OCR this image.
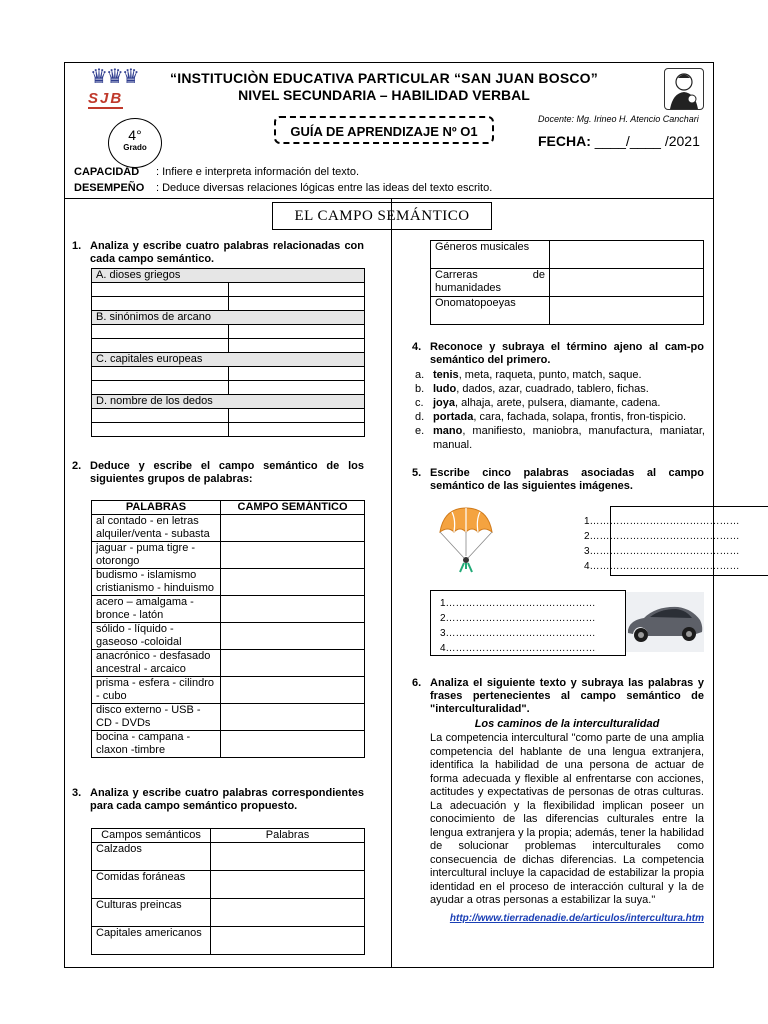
♛♛♛
SJB
“INSTITUCIÒN EDUCATIVA PARTICULAR “SAN JUAN BOSCO”
NIVEL SECUNDARIA – HABILIDAD VERBAL
Docente: Mg. Irineo H. Atencio Canchari
4°
Grado
GUÍA DE APRENDIZAJE Nº O1
FECHA: ____/____ /2021
CAPACIDAD : Infiere e interpreta información del texto.
DESEMPEÑO : Deduce diversas relaciones lógicas entre las ideas del texto escrito.
EL CAMPO SEMÁNTICO
1. Analiza y escribe cuatro palabras relacionadas con cada campo semántico.
A. dioses griegos	

B. sinónimos de arcano	

C. capitales europeas	

D. nombre de los dedos	

2. Deduce y escribe el campo semántico de los siguientes grupos de palabras:
PALABRAS	CAMPO SEMÁNTICO

al contado - en letras
alquiler/venta - subasta	

jaguar - puma tigre -
otorongo	

budismo - islamismo
cristianismo - hinduismo	

acero – amalgama -
bronce - latón	

sólido - líquido -
gaseoso -coloidal	

anacrónico - desfasado
ancestral - arcaico	

prisma - esfera - cilindro
- cubo	

disco externo - USB -
CD - DVDs	

bocina - campana -
claxon -timbre	

3. Analiza y escribe cuatro palabras correspondientes para cada campo semántico propuesto.
Campos semánticos	Palabras
Calzados	
Comidas foráneas	
Culturas preincas	
Capitales americanos	
Géneros musicales	

Carreras de
humanidades	

Onomatopoeyas	
4. Reconoce y subraya el término ajeno al cam-po semántico del primero.
a. tenis, meta, raqueta, punto, match, saque.
b. ludo, dados, azar, cuadrado, tablero, fichas.
c. joya, alhaja, arete, pulsera, diamante, cadena.
d. portada, cara, fachada, solapa, frontis, fron-tispicio.
e. mano, manifiesto, maniobra, manufactura, maniatar, manual.
5. Escribe cinco palabras asociadas al campo semántico de las siguientes imágenes.
1………………………………………
2………………………………………
3………………………………………
4………………………………………
1………………………………………
2………………………………………
3………………………………………
4………………………………………
6. Analiza el siguiente texto y subraya las palabras y frases pertenecientes al campo semántico de "interculturalidad".
Los caminos de la interculturalidad
La competencia intercultural "como parte de una amplia competencia del hablante de una lengua extranjera, identifica la habilidad de una persona de actuar de forma adecuada y flexible al enfrentarse con acciones, actitudes y expectativas de personas de otras culturas. La adecuación y la flexibilidad implican poseer un conocimiento de las diferencias culturales entre la lengua extranjera y la propia; además, tener la habilidad de solucionar problemas interculturales como consecuencia de dichas diferencias. La competencia intercultural incluye la capacidad de estabilizar la propia identidad en el proceso de interacción cultural y la de ayudar a otras personas a estabilizar la suya."
http://www.tierradenadie.de/articulos/intercultura.htm
